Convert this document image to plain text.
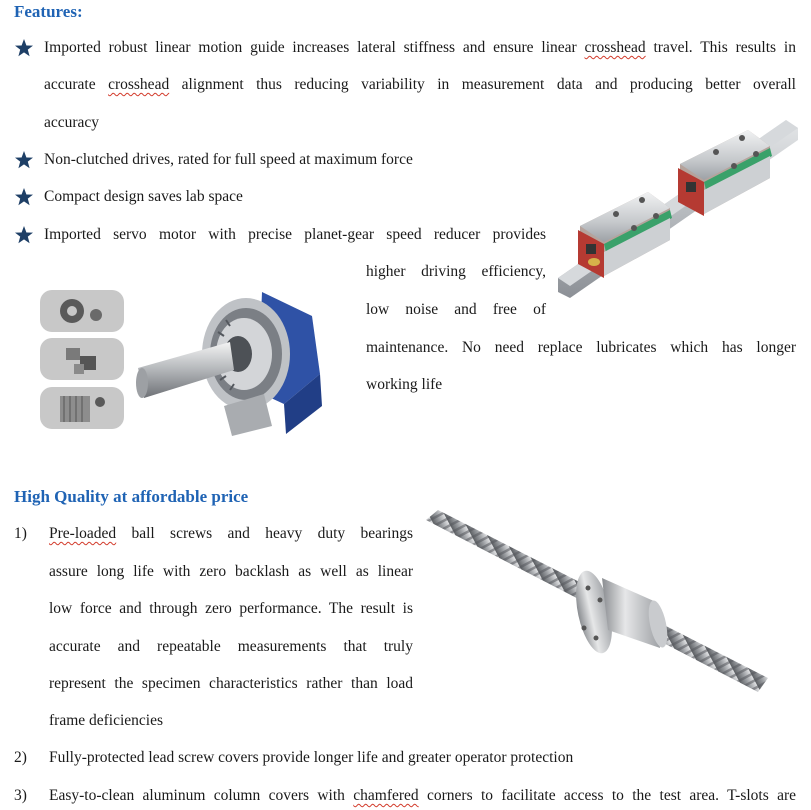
Features:
Imported robust linear motion guide increases lateral stiffness and ensure linear crosshead travel. This results in
accurate crosshead alignment thus reducing variability in measurement data and producing better overall
accuracy
Non-clutched drives, rated for full speed at maximum force
Compact design saves lab space
Imported servo motor with precise planet-gear speed reducer provides
higher driving efficiency,
low noise and free of
maintenance. No need replace lubricates which has longer
working life
High Quality at affordable price
1) Pre-loaded ball screws and heavy duty bearings
assure long life with zero backlash as well as linear
low force and through zero performance. The result is
accurate and repeatable measurements that truly
represent the specimen characteristics rather than load
frame deficiencies
2) Fully-protected lead screw covers provide longer life and greater operator protection
3) Easy-to-clean aluminum column covers with chamfered corners to facilitate access to the test area. T-slots are
